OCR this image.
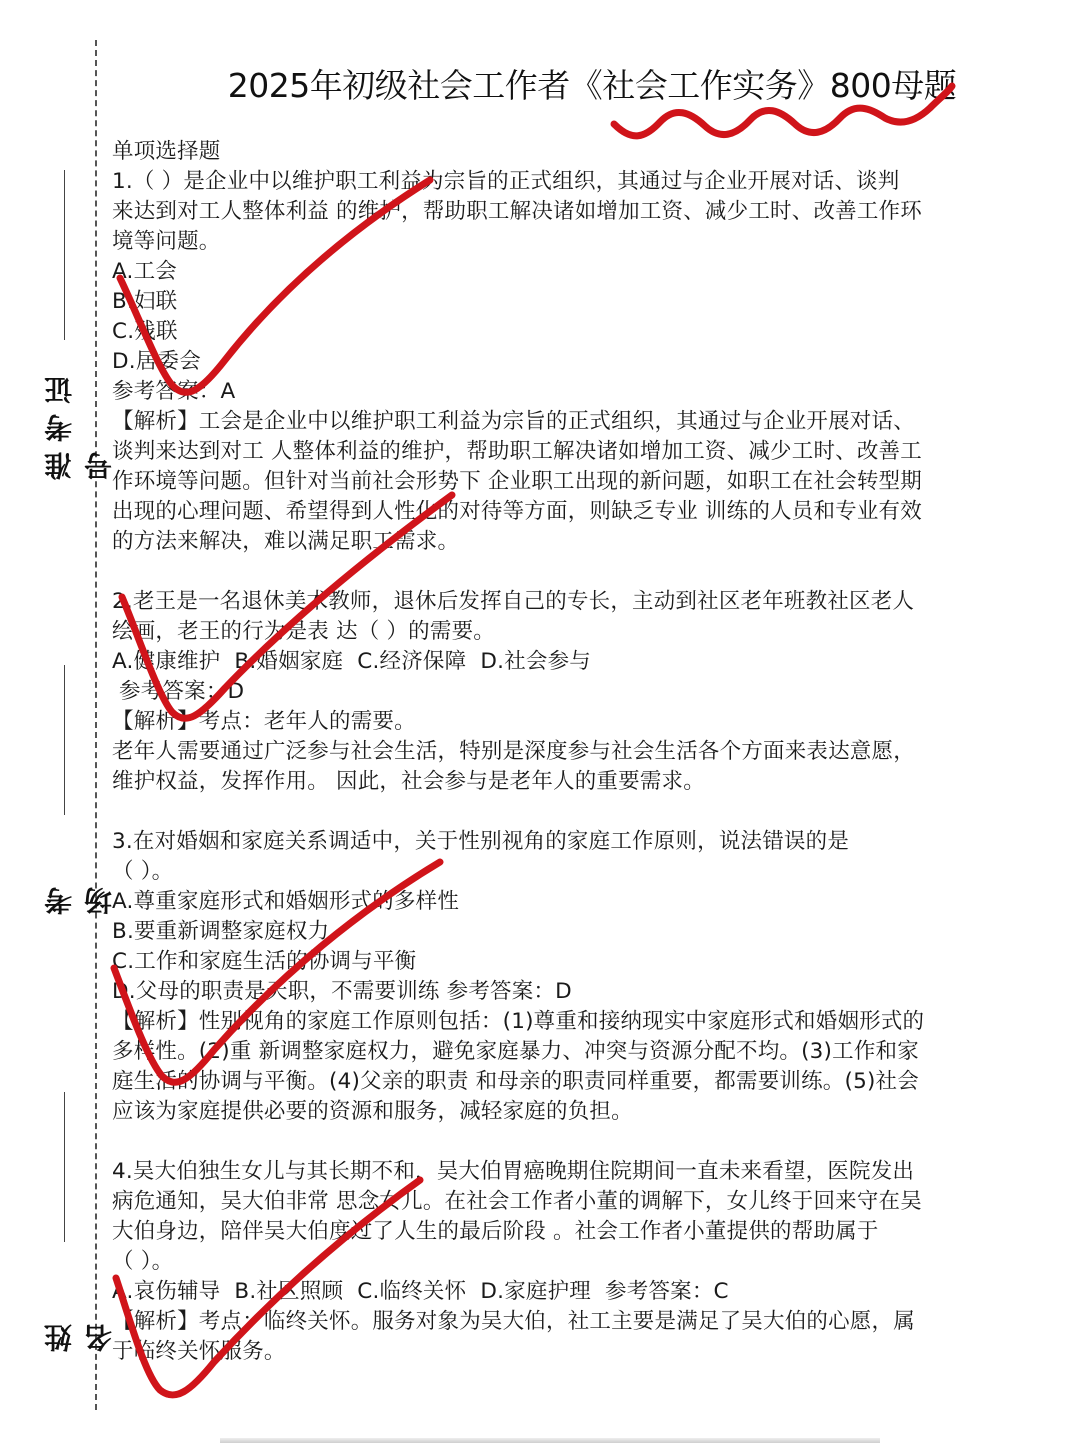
准考证号
考 场
姓 名
2025年初级社会工作者《社会工作实务》800母题
单项选择题
1.（ ）是企业中以维护职工利益为宗旨的正式组织，其通过与企业开展对话、谈判
来达到对工人整体利益 的维护，帮助职工解决诸如增加工资、减少工时、改善工作环
境等问题。
A.工会
B.妇联
C.残联
D.居委会
参考答案：A
【解析】工会是企业中以维护职工利益为宗旨的正式组织，其通过与企业开展对话、
谈判来达到对工 人整体利益的维护，帮助职工解决诸如增加工资、减少工时、改善工
作环境等问题。但针对当前社会形势下 企业职工出现的新问题，如职工在社会转型期
出现的心理问题、希望得到人性化的对待等方面，则缺乏专业 训练的人员和专业有效
的方法来解决，难以满足职工需求。
2.老王是一名退休美术教师，退休后发挥自己的专长，主动到社区老年班教社区老人
绘画，老王的行为是表 达（ ）的需要。
A.健康维护  B.婚姻家庭  C.经济保障  D.社会参与
参考答案：D
【解析】考点：老年人的需要。
老年人需要通过广泛参与社会生活，特别是深度参与社会生活各个方面来表达意愿，
维护权益，发挥作用。 因此，社会参与是老年人的重要需求。
3.在对婚姻和家庭关系调适中，关于性别视角的家庭工作原则，说法错误的是
（ ）。
A.尊重家庭形式和婚姻形式的多样性
B.要重新调整家庭权力
C.工作和家庭生活的协调与平衡
D.父母的职责是天职，不需要训练 参考答案：D
【解析】性别视角的家庭工作原则包括：(1)尊重和接纳现实中家庭形式和婚姻形式的
多样性。(2)重 新调整家庭权力，避免家庭暴力、冲突与资源分配不均。(3)工作和家
庭生活的协调与平衡。(4)父亲的职责 和母亲的职责同样重要，都需要训练。(5)社会
应该为家庭提供必要的资源和服务，减轻家庭的负担。
4.吴大伯独生女儿与其长期不和，吴大伯胃癌晚期住院期间一直未来看望，医院发出
病危通知，吴大伯非常 思念女儿。在社会工作者小董的调解下，女儿终于回来守在吴
大伯身边，陪伴吴大伯度过了人生的最后阶段 。社会工作者小董提供的帮助属于
（ ）。
A.哀伤辅导  B.社区照顾  C.临终关怀  D.家庭护理  参考答案：C
【解析】考点：临终关怀。服务对象为吴大伯，社工主要是满足了吴大伯的心愿，属
于临终关怀服务。
